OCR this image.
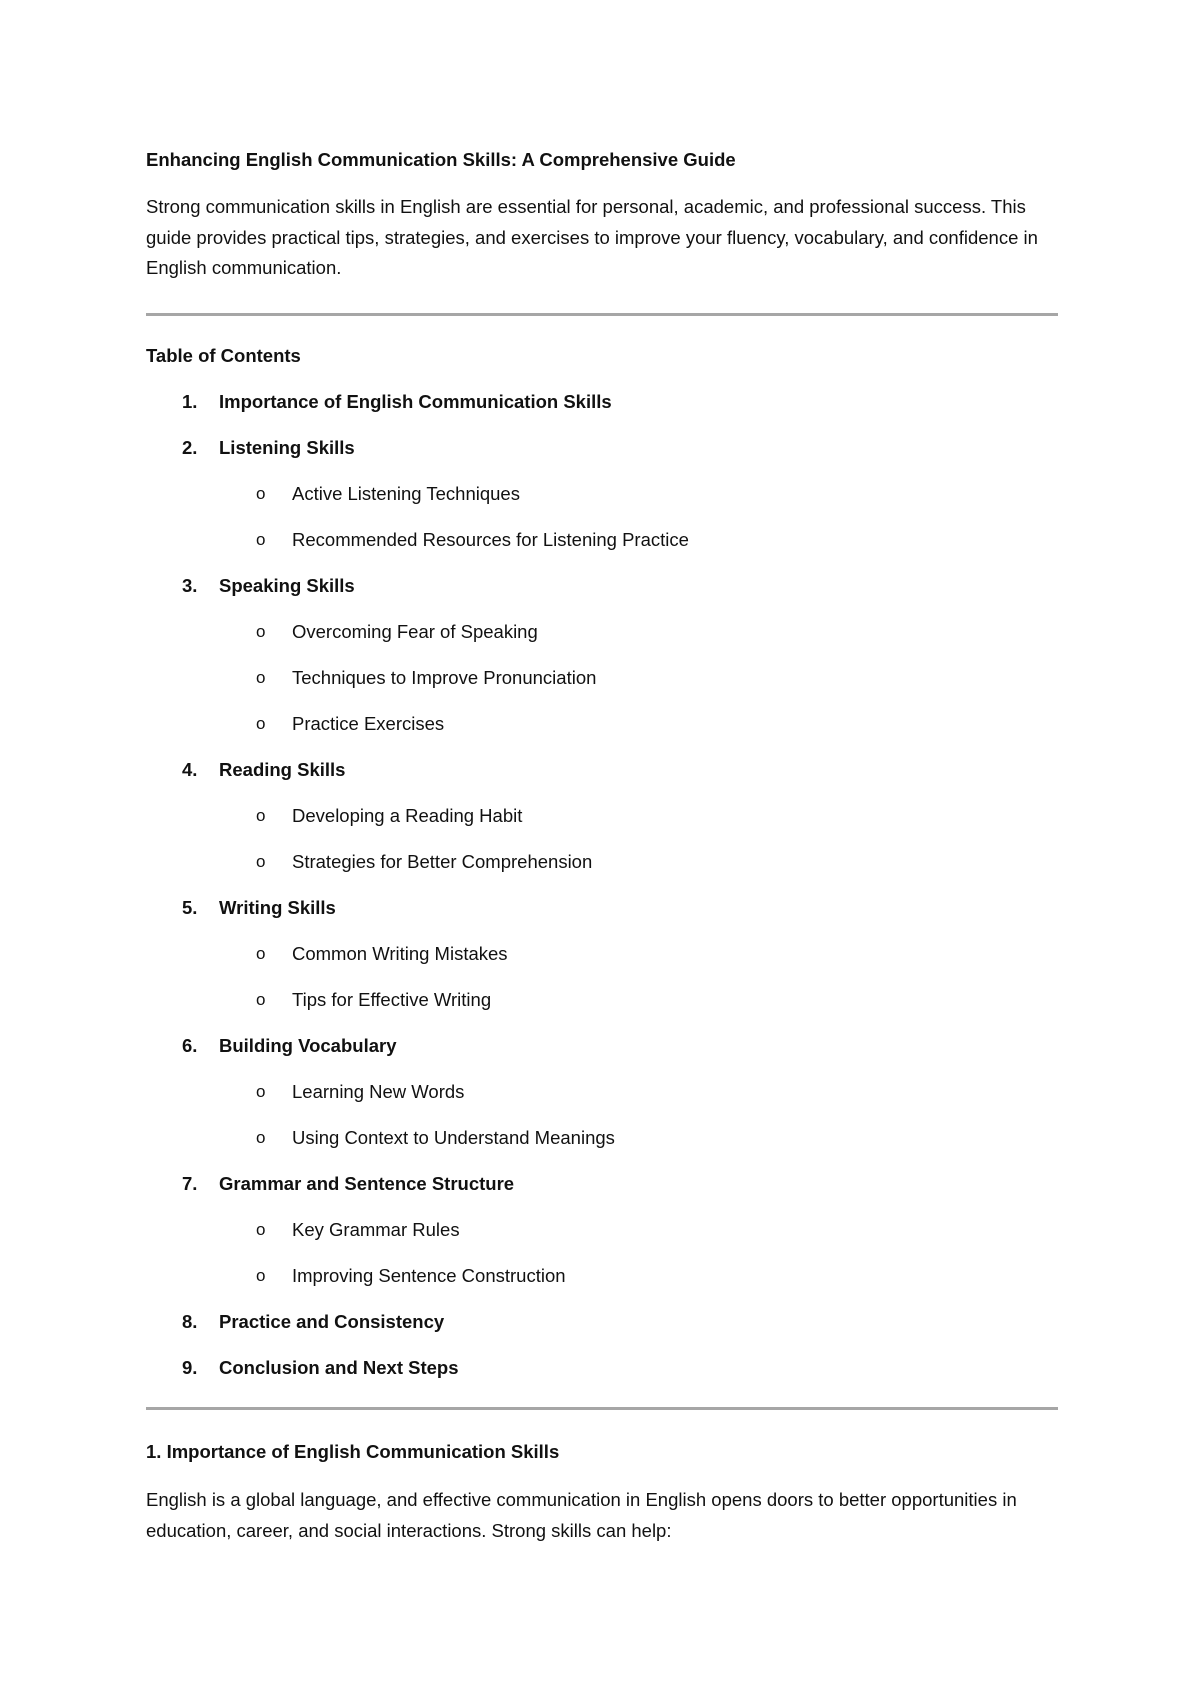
Enhancing English Communication Skills: A Comprehensive Guide

Strong communication skills in English are essential for personal, academic, and professional success. This guide provides practical tips, strategies, and exercises to improve your fluency, vocabulary, and confidence in English communication.

Table of Contents
1.	Importance of English Communication Skills
2.	Listening Skills
o	Active Listening Techniques
o	Recommended Resources for Listening Practice
3.	Speaking Skills
o	Overcoming Fear of Speaking
o	Techniques to Improve Pronunciation
o	Practice Exercises
4.	Reading Skills
o	Developing a Reading Habit
o	Strategies for Better Comprehension
5.	Writing Skills
o	Common Writing Mistakes
o	Tips for Effective Writing
6.	Building Vocabulary
o	Learning New Words
o	Using Context to Understand Meanings
7.	Grammar and Sentence Structure
o	Key Grammar Rules
o	Improving Sentence Construction
8.	Practice and Consistency
9.	Conclusion and Next Steps
1. Importance of English Communication Skills

English is a global language, and effective communication in English opens doors to better opportunities in education, career, and social interactions. Strong skills can help:
